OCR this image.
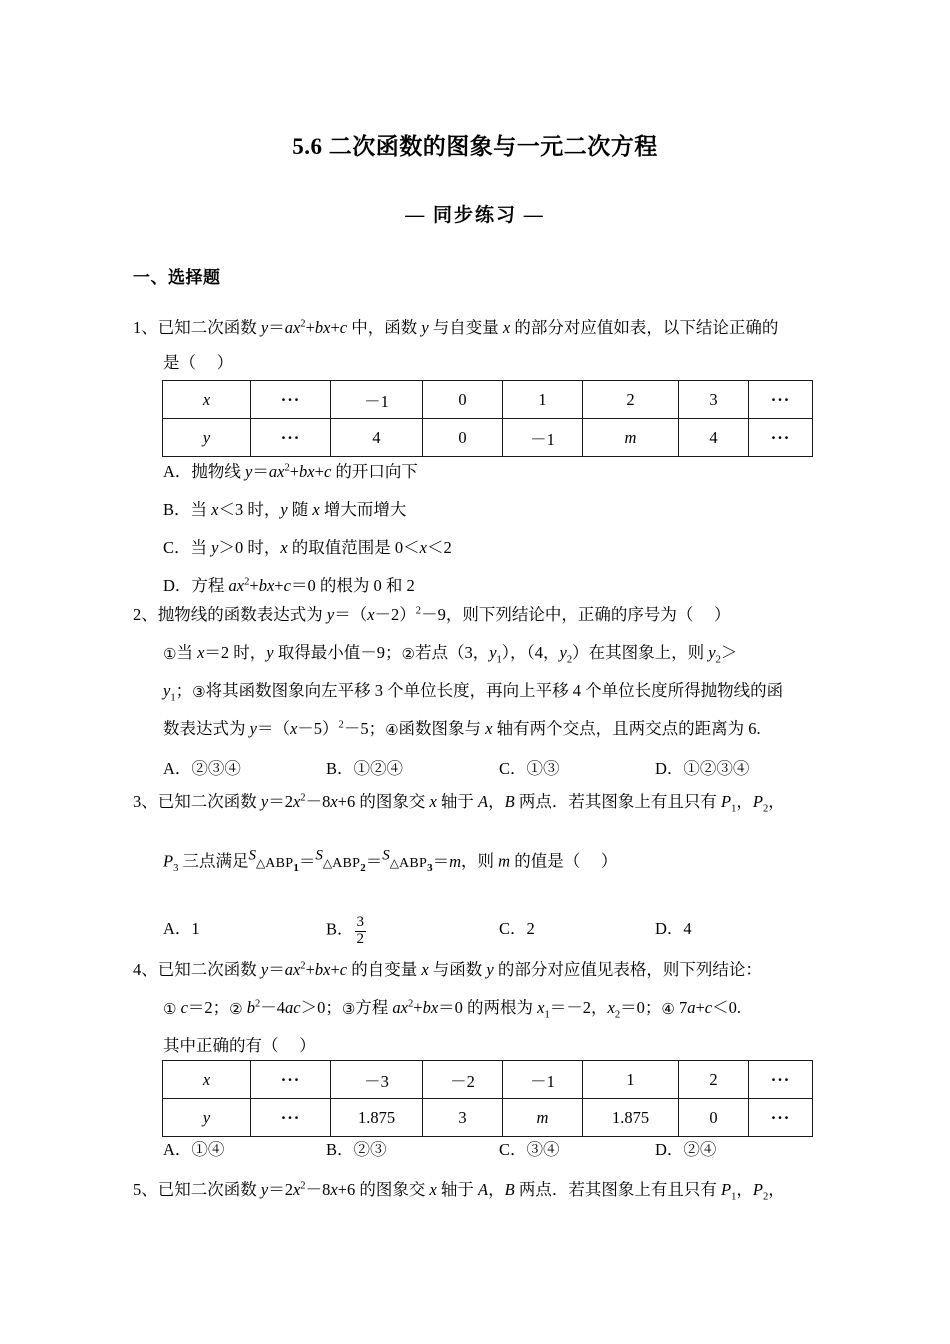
5.6 二次函数的图象与一元二次方程
— 同步练习 —
一、选择题
1、已知二次函数 $y=ax^2+bx+c$ 中，函数 y 与自变量 x 的部分对应值如表，以下结论正确的
是（     ）
x	···	－1	0	1	2	3	···
y	···	4	0	－1	m	4	···
A．抛物线 $y=ax^2+bx+c$ 的开口向下
B．当 x＜3 时，y 随 x 增大而增大
C．当 y＞0 时，x 的取值范围是 0＜x＜2
D．方程 $ax^2+bx+c=0$ 的根为 0 和 2
2、抛物线的函数表达式为 $y=(x-2)^2-9$，则下列结论中，正确的序号为（     ）
①当 x＝2 时，y 取得最小值－9；②若点（3，$y_1$），（4，$y_2$）在其图象上，则 $y_2>$
$y_1$；③将其函数图象向左平移 3 个单位长度，再向上平移 4 个单位长度所得抛物线的函
数表达式为 $y=(x-5)^2-5$；④函数图象与 x 轴有两个交点，且两交点的距离为 6.
A．②③④	B．①②④	C．①③	D．①②③④
3、已知二次函数 $y=2x^2-8x+6$ 的图象交 x 轴于 A，B 两点．若其图象上有且只有 $P_1$，$P_2$，
$P_3$ 三点满足$S\triangle ABP_1=S\triangle ABP_2=S\triangle ABP_3=m$，则 m 的值是（     ）
A．1	B． $\frac{3}{2}$	C．2	D．4
4、已知二次函数 $y=ax^2+bx+c$ 的自变量 x 与函数 y 的部分对应值见表格，则下列结论：
① c＝2；② $b^2-4ac>0$；③方程 $ax^2+bx=0$ 的两根为 $x_1=-2$，$x_2=0$；④ 7a+c＜0.
其中正确的有（     ）
x	···	－3	－2	－1	1	2	···
y	···	1.875	3	m	1.875	0	···
A．①④	B．②③	C．③④	D．②④
5、已知二次函数 $y=2x^2-8x+6$ 的图象交 x 轴于 A，B 两点．若其图象上有且只有 $P_1$，$P_2$，
